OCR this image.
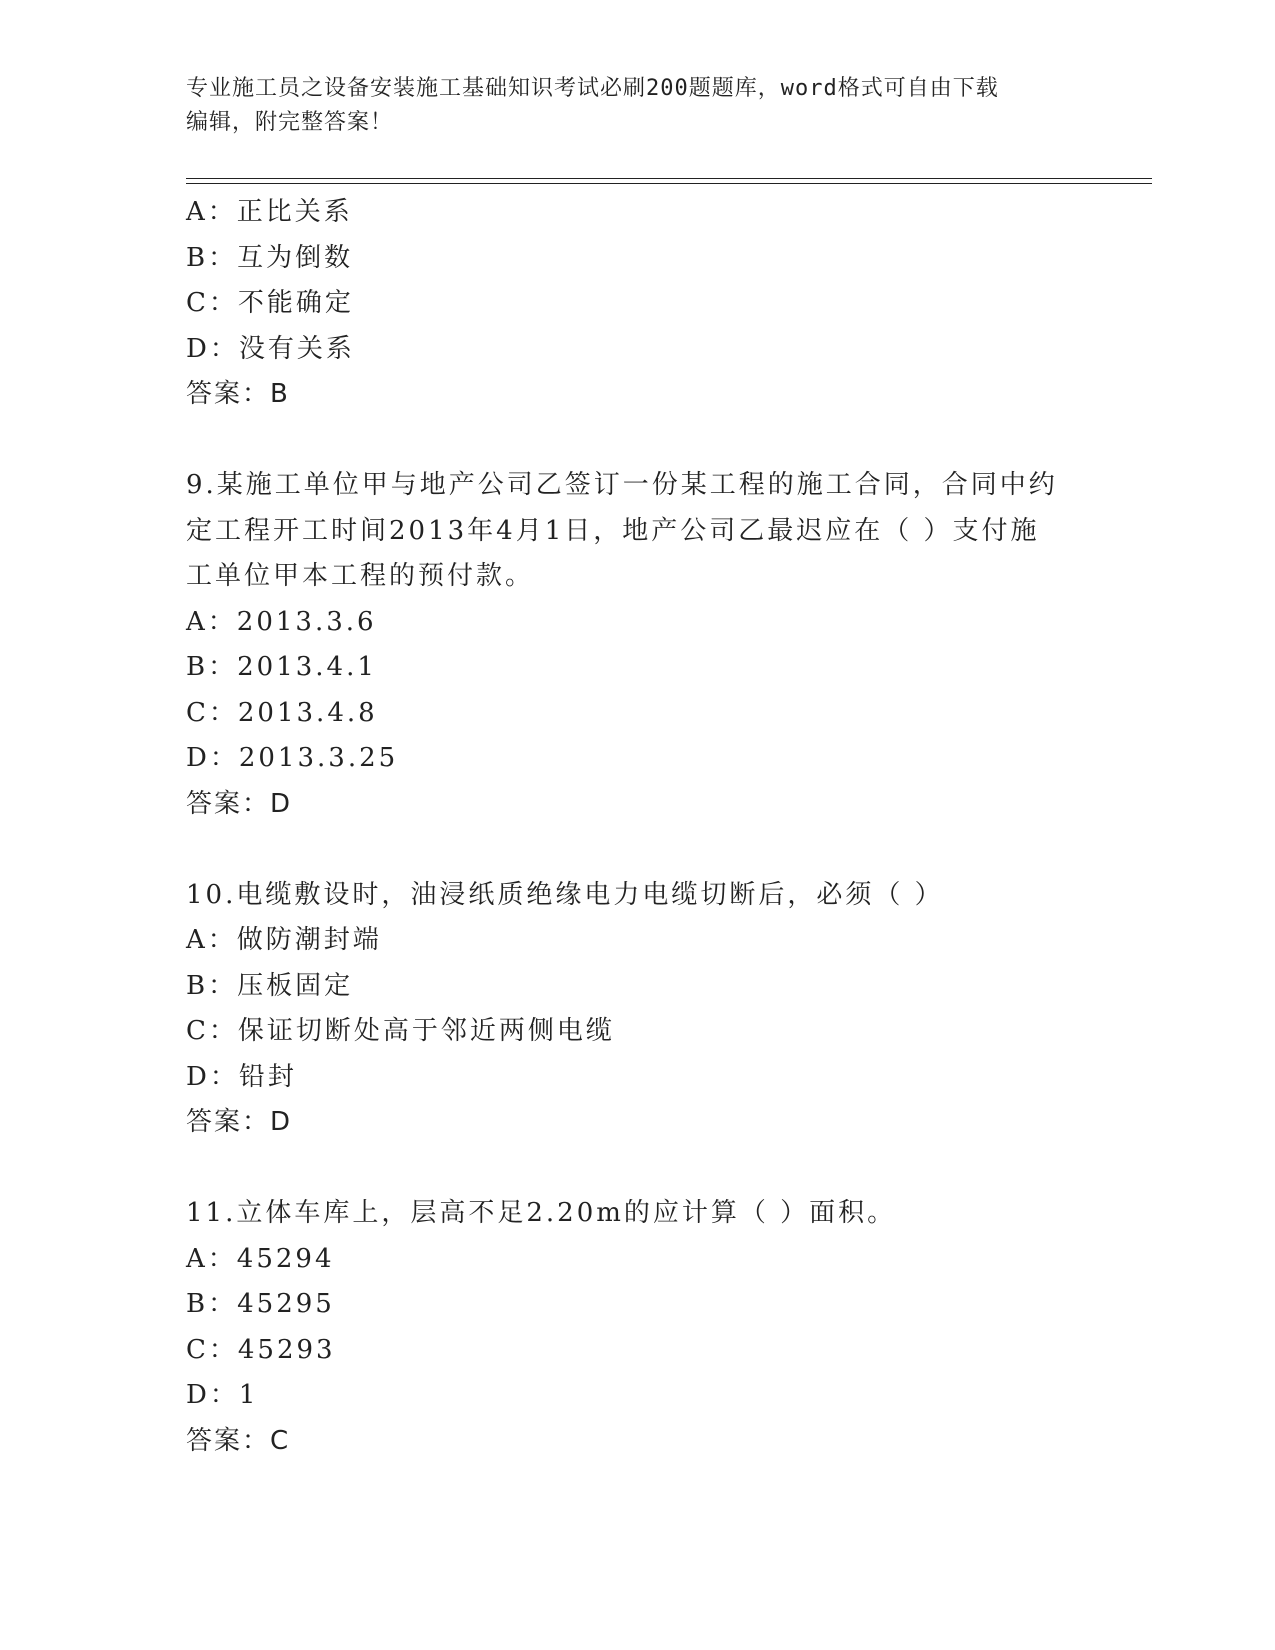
专业施工员之设备安装施工基础知识考试必刷200题题库，word格式可自由下载
编辑，附完整答案！
A：正比关系
B：互为倒数
C：不能确定
D：没有关系
答案：B
9.某施工单位甲与地产公司乙签订一份某工程的施工合同，合同中约
定工程开工时间2013年4月1日，地产公司乙最迟应在（ ）支付施
工单位甲本工程的预付款。
A：2013.3.6
B：2013.4.1
C：2013.4.8
D：2013.3.25
答案：D
10.电缆敷设时，油浸纸质绝缘电力电缆切断后，必须（ ）
A：做防潮封端
B：压板固定
C：保证切断处高于邻近两侧电缆
D：铅封
答案：D
11.立体车库上，层高不足2.20m的应计算（ ）面积。
A：45294
B：45295
C：45293
D：1
答案：C
